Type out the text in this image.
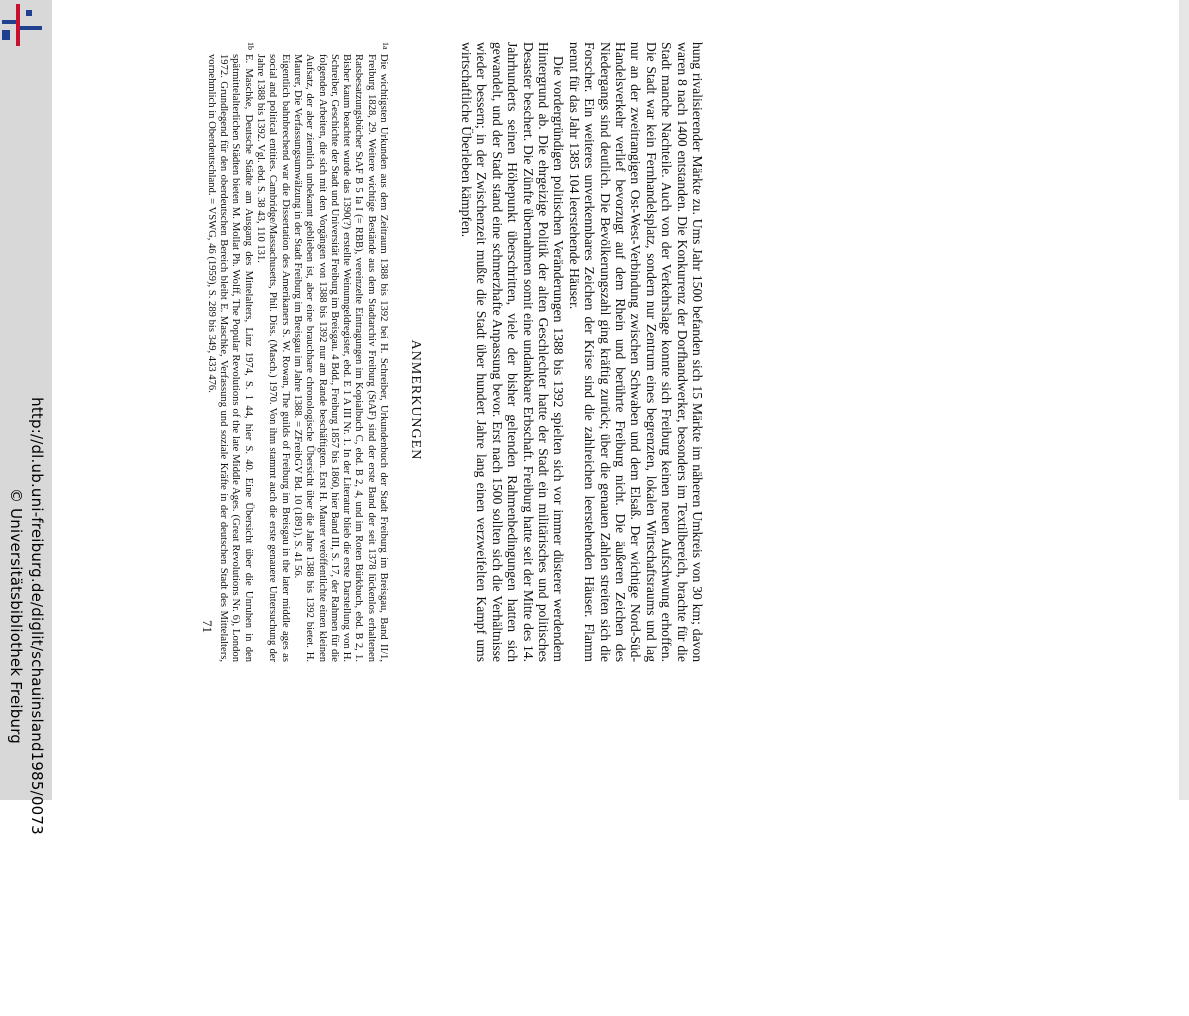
http://dl.ub.uni-freiburg.de/diglit/schauinsland1985/0073
© Universitätsbibliothek Freiburg	hung rivalisierender Märkte zu. Ums Jahr 1500 befanden sich 15 Märkte im näheren Umkreis von 30 km; davon waren 8 nach 1400 entstanden. Die Konkurrenz der Dorfhandwerker, besonders im Textilbereich, brachte für die Stadt manche Nachteile. Auch von der Verkehrslage konnte sich Freiburg keinen neuen Aufschwung erhoffen. Die Stadt war kein Fernhandelsplatz, sondern nur Zentrum eines begrenzten, lokalen Wirtschaftsraums und lag nur an der zweitrangigen Ost-West-Verbindung zwischen Schwaben und dem Elsaß. Der wichtige Nord-Süd-Handelsverkehr verlief bevorzugt auf dem Rhein und berührte Freiburg nicht. Die äußeren Zeichen des Niedergangs sind deutlich. Die Bevölkerungszahl ging kräftig zurück; über die genauen Zahlen streiten sich die Forscher. Ein weiteres unverkennbares Zeichen der Krise sind die zahlreichen leerstehenden Häuser. Flamm nennt für das Jahr 1385 104 leerstehende Häuser.

Die vordergründigen politischen Veränderungen 1388 bis 1392 spielten sich vor immer düsterer werdendem Hintergrund ab. Die ehrgeizige Politik der alten Geschlechter hatte der Stadt ein militärisches und politisches Desaster beschert. Die Zünfte übernahmen somit eine undankbare Erbschaft. Freiburg hatte seit der Mitte des 14. Jahrhunderts seinen Höhepunkt überschritten, viele der bisher geltenden Rahmenbedingungen hatten sich gewandelt, und der Stadt stand eine schmerzhafte Anpassung bevor. Erst nach 1500 sollten sich die Verhältnisse wieder bessern; in der Zwischenzeit mußte die Stadt über hundert Jahre lang einen verzweifelten Kampf ums wirtschaftliche Überleben kämpfen.

ANMERKUNGEN

1a
Die wichtigsten Urkunden aus dem Zeitraum 1388 bis 1392 bei H. Schreiber, Urkundenbuch der Stadt Freiburg im Breisgau, Band II/1, Freiburg 1828, 29. Weitere wichtige Bestände aus dem Stadtarchiv Freiburg (StAF) sind der erste Band der seit 1378 lückenlos erhaltenen Ratsbesatzungsbücher StAF B 5 Ia I (= RBB), vereinzelte Eintragungen im Kopialbuch C, ebd. B 2, 4, und im Roten Bürkbuch, ebd. B 2, 1. Bisher kaum beachtet wurde das 1390(?) erstellte Weinumgeldregister, ebd. E 1 A III Nr. 1. In der Literatur blieb die erste Darstellung von H. Schreiber, Geschichte der Stadt und Universität Freiburg im Breisgau. 4 Bdd., Freiburg 1857 bis 1860, hier Band III, S. 17, der Rahmen für die folgenden Arbeiten, die sich mit den Vorgängen von 1388 bis 1392 nur am Rande beschäftigten. Erst H. Maurer veröffentlichte einen kleinen Aufsatz, der aber ziemlich unbekannt geblieben ist, aber eine brauchbare chronologische Übersicht über die Jahre 1388 bis 1392 bietet. H. Maurer, Die Verfassungsumwälzung in der Stadt Freiburg im Breisgau im Jahre 1388. = ZFreibGV Bd. 10 (1891), S. 41 56.

Eigentlich bahnbrechend war die Dissertation des Amerikaners S. W. Rowan, The guilds of Freiburg im Breisgau in the later middle ages as social and political entities. Cambridge/Massachusetts, Phil. Diss. (Masch.) 1970. Von ihm stammt auch die erste genauere Untersuchung der Jahre 1388 bis 1392. Vgl. ebd. S. 38 43, 110 131.

1b
E. Maschke, Deutsche Städte am Ausgang des Mittelalters, Linz 1974, S. 1 44, hier S. 40. Eine Übersicht über die Unruhen in den spätmittelalterlichen Städten bieten M. Mollat Ph. Wolff, The Popular Revolutions of the late Middle Ages. (Great Revolutions Nr. 6), London 1972. Grundlegend für den oberdeutschen Bereich bleibt E. Maschke, Verfassung und soziale Kräfte in der deutschen Stadt des Mittelalters, vornehmlich in Oberdeutschland. = VSWG, 46 (1959), S. 289 bis 349, 433 476.

71
